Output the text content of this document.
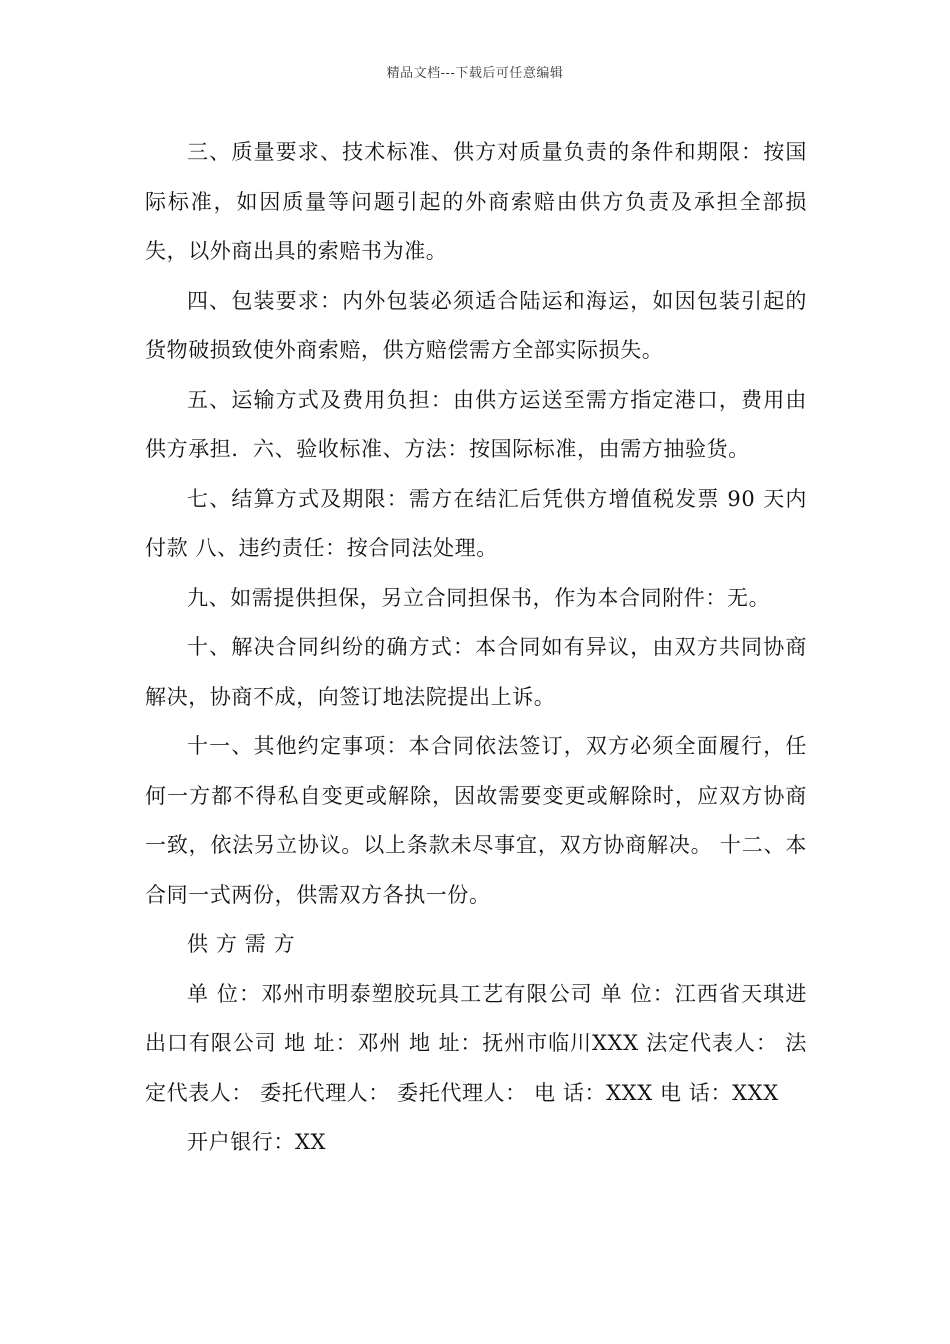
精品文档---下载后可任意编辑

三、质量要求、技术标准、供方对质量负责的条件和期限：按国际标准，如因质量等问题引起的外商索赔由供方负责及承担全部损失，以外商出具的索赔书为准。

四、包装要求：内外包装必须适合陆运和海运，如因包装引起的货物破损致使外商索赔，供方赔偿需方全部实际损失。

五、运输方式及费用负担：由供方运送至需方指定港口，费用由供方承担．六、验收标准、方法：按国际标准，由需方抽验货。

七、结算方式及期限：需方在结汇后凭供方增值税发票 90 天内付款 八、违约责任：按合同法处理。

九、如需提供担保，另立合同担保书，作为本合同附件：无。

十、解决合同纠纷的确方式：本合同如有异议，由双方共同协商解决，协商不成，向签订地法院提出上诉。

十一、其他约定事项：本合同依法签订，双方必须全面履行，任何一方都不得私自变更或解除，因故需要变更或解除时，应双方协商一致，依法另立协议。以上条款未尽事宜，双方协商解决。 十二、本合同一式两份，供需双方各执一份。

供 方 需 方

单 位：邓州市明泰塑胶玩具工艺有限公司 单 位：江西省天琪进出口有限公司 地 址：邓州 地 址：抚州市临川XXX 法定代表人： 法定代表人： 委托代理人： 委托代理人： 电 话：XXX 电 话：XXX

开户银行：XX
